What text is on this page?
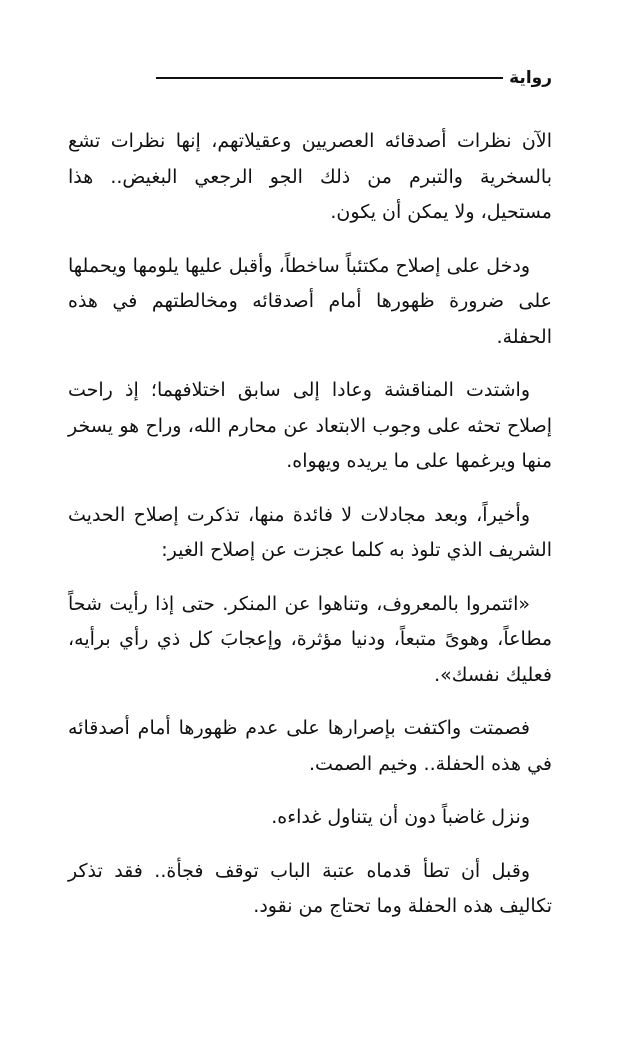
رواية

الآن نظرات أصدقائه العصريين وعقيلاتهم، إنها نظرات تشع بالسخرية والتبرم من ذلك الجو الرجعي البغيض.. هذا مستحيل، ولا يمكن أن يكون.

ودخل على إصلاح مكتئباً ساخطاً، وأقبل عليها يلومها ويحملها على ضرورة ظهورها أمام أصدقائه ومخالطتهم في هذه الحفلة.

واشتدت المناقشة وعادا إلى سابق اختلافهما؛ إذ راحت إصلاح تحثه على وجوب الابتعاد عن محارم الله، وراح هو يسخر منها ويرغمها على ما يريده ويهواه.

وأخيراً، وبعد مجادلات لا فائدة منها، تذكرت إصلاح الحديث الشريف الذي تلوذ به كلما عجزت عن إصلاح الغير:

«ائتمروا بالمعروف، وتناهوا عن المنكر. حتى إذا رأيت شحاً مطاعاً، وهوىً متبعاً، ودنيا مؤثرة، وإعجابَ كل ذي رأي برأيه، فعليك نفسك».

فصمتت واكتفت بإصرارها على عدم ظهورها أمام أصدقائه في هذه الحفلة.. وخيم الصمت.

ونزل غاضباً دون أن يتناول غداءه.

وقبل أن تطأ قدماه عتبة الباب توقف فجأة.. فقد تذكر تكاليف هذه الحفلة وما تحتاج من نقود.
